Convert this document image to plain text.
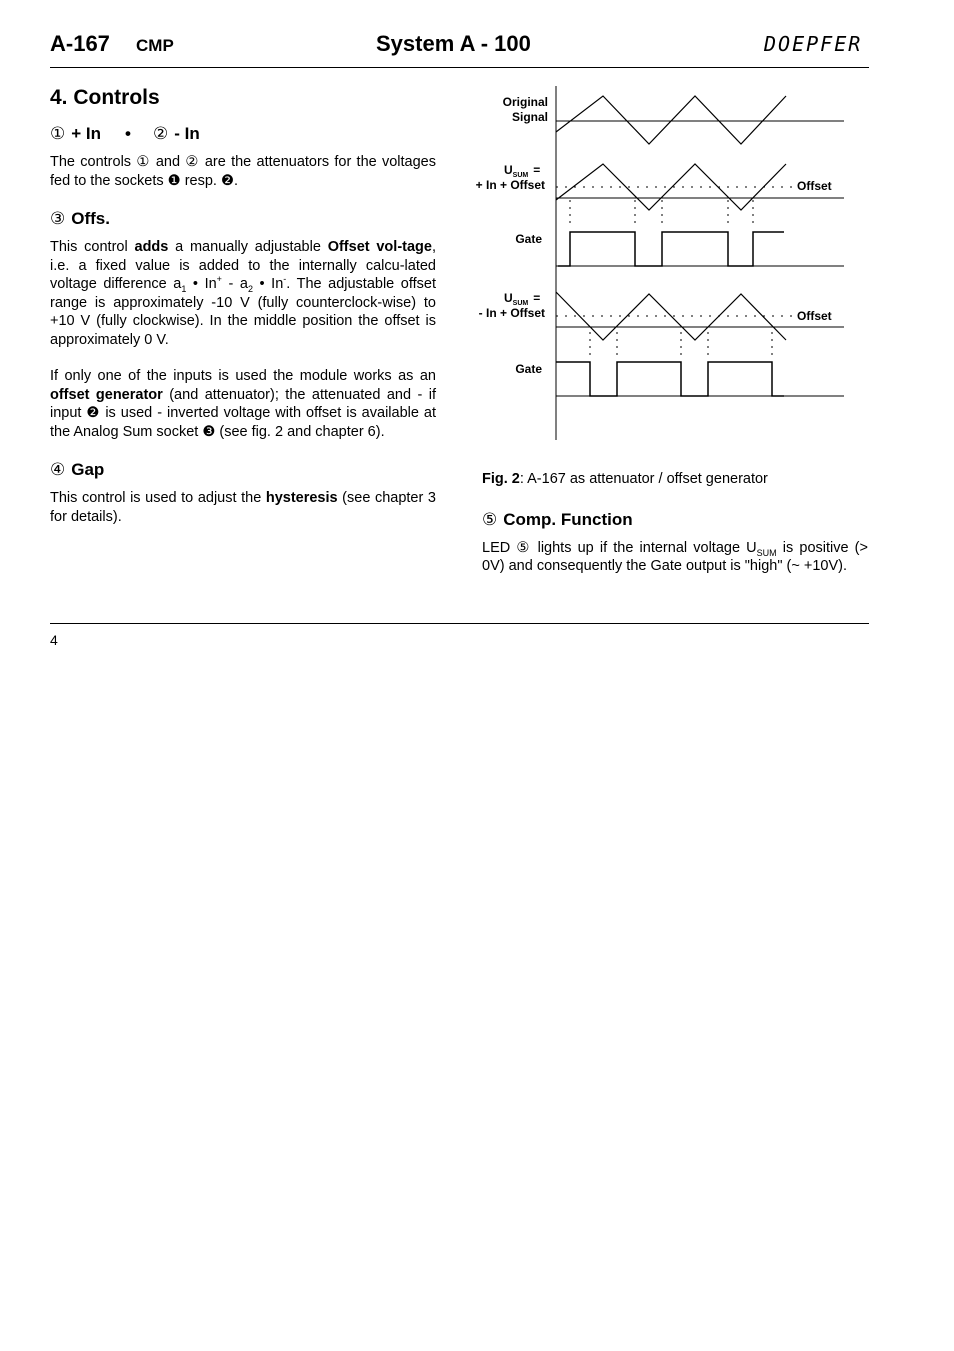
A-167 CMP	System A - 100	DOEPFER
4. Controls
① + In • ② - In

The controls ① and ② are the attenuators for the voltages fed to the sockets ❶ resp. ❷.

③ Offs.

This control adds a manually adjustable Offset vol-tage, i.e. a fixed value is added to the internally calcu-lated voltage difference $a_1$ • $In^+ - a_2$ • In-. The adjustable offset range is approximately -10 V (fully counterclock-wise) to +10 V (fully clockwise). In the middle position the offset is approximately 0 V.

If only one of the inputs is used the module works as an offset generator (and attenuator); the attenuated and - if input ❷ is used - inverted voltage with offset is available at the Analog Sum socket ❸ (see fig. 2 and chapter 6).

④ Gap

This control is used to adjust the hysteresis (see chapter 3 for details).

Original
Signal
$U_{SUM}$ =
+ In + Offset	Offset
Gate
$U_{SUM}$ =
- In + Offset	Offset
Gate

Fig. 2: A-167 as attenuator / offset generator

⑤ Comp. Function

LED ⑤ lights up if the internal voltage $U_{SUM}$ is positive (> 0V) and consequently the Gate output is "high" (~ +10V).

4
